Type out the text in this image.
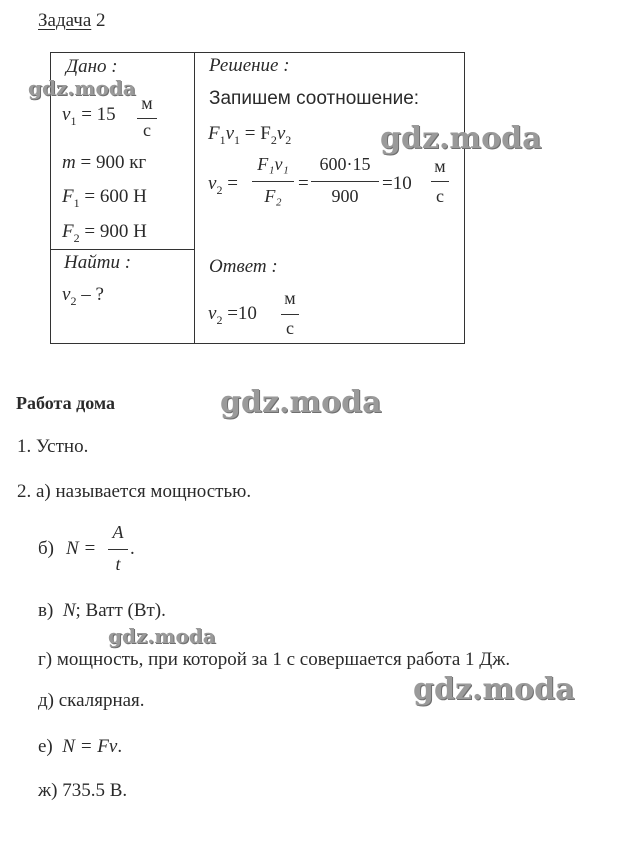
Задача 2
Дано :
$v_1 = 15$
м
с
m = 900 кг
$F_1 = 600$ Н
$F_2 = 900$ Н
Найти :
$v_2$ – ?
Решение :
Запишем соотношение:
$F_1v_1 = F_2v_2$
$v_2$ =
F₁v₁
F₂
=
600·15
900
=10
м
с
Ответ :
$v_2 =10$
м
с
Работа дома
1. Устно.
2. а) называется мощностью.
б) N =
A
t
.
в) N; Ватт (Вт).
г) мощность, при которой за 1 с совершается работа 1 Дж.
д) скалярная.
е) N = Fv.
ж) 735.5 В.
gdz.moda
gdz.moda
gdz.moda
gdz.moda
gdz.moda
